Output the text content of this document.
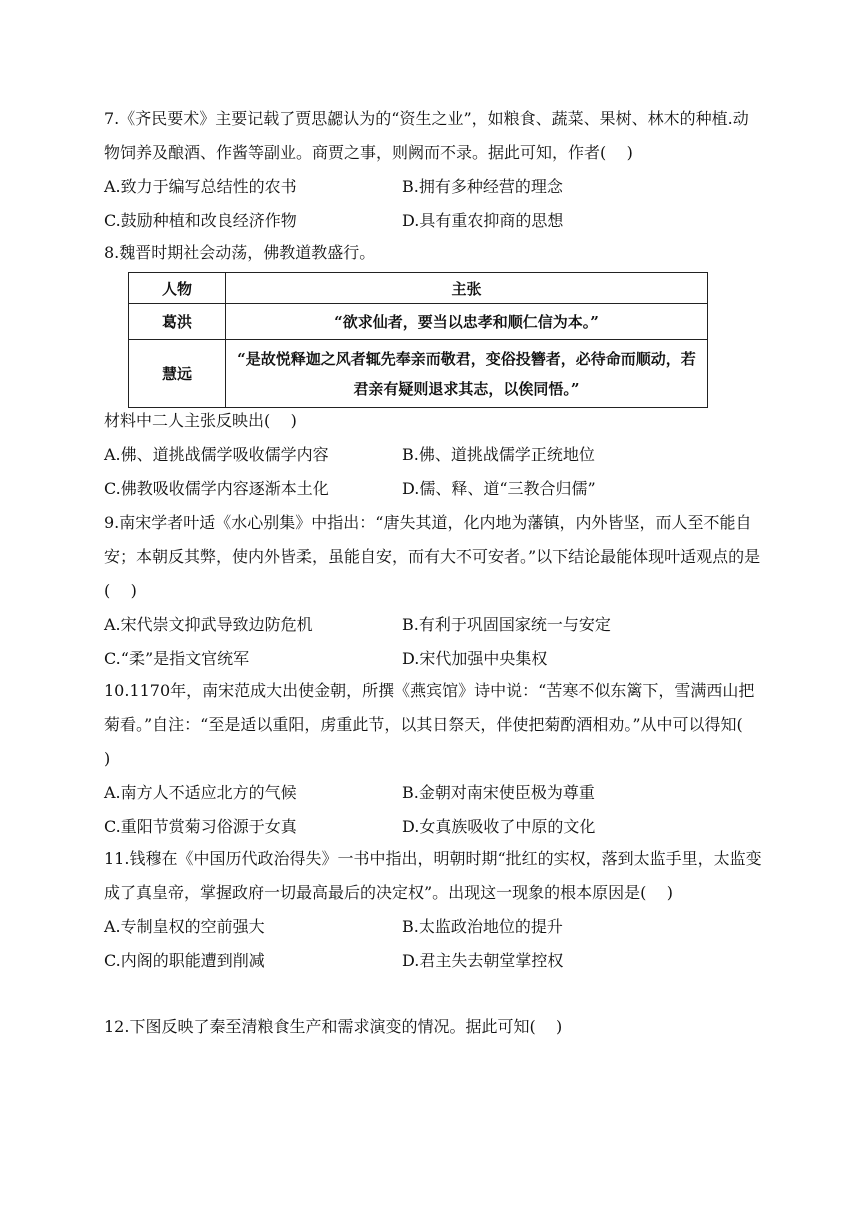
7.《齐民要术》主要记载了贾思勰认为的“资生之业”，如粮食、蔬菜、果树、林木的种植.动物饲养及酿酒、作酱等副业。商贾之事，则阙而不录。据此可知，作者(    )

A.致力于编写总结性的农书	B.拥有多种经营的理念
C.鼓励种植和改良经济作物	D.具有重农抑商的思想

8.魏晋时期社会动荡，佛教道教盛行。

人物	主张
葛洪	“欲求仙者，要当以忠孝和顺仁信为本。”
慧远	“是故悦释迦之风者辄先奉亲而敬君，变俗投簪者，必待命而顺动，若君亲有疑则退求其志，以俟同悟。”

材料中二人主张反映出(    )

A.佛、道挑战儒学吸收儒学内容	B.佛、道挑战儒学正统地位
C.佛教吸收儒学内容逐渐本土化	D.儒、释、道“三教合归儒”

9.南宋学者叶适《水心别集》中指出：“唐失其道，化内地为藩镇，内外皆坚，而人至不能自安；本朝反其弊，使内外皆柔，虽能自安，而有大不可安者。”以下结论最能体现叶适观点的是(    )

A.宋代崇文抑武导致边防危机	B.有利于巩固国家统一与安定
C.“柔”是指文官统军	D.宋代加强中央集权

10.1170年，南宋范成大出使金朝，所撰《燕宾馆》诗中说：“苦寒不似东篱下，雪满西山把菊看。”自注：“至是适以重阳，虏重此节，以其日祭天，伴使把菊酌酒相劝。”从中可以得知(    )

A.南方人不适应北方的气候	B.金朝对南宋使臣极为尊重
C.重阳节赏菊习俗源于女真	D.女真族吸收了中原的文化

11.钱穆在《中国历代政治得失》一书中指出，明朝时期“批红的实权，落到太监手里，太监变成了真皇帝，掌握政府一切最高最后的决定权”。出现这一现象的根本原因是(    )

A.专制皇权的空前强大	B.太监政治地位的提升
C.内阁的职能遭到削减	D.君主失去朝堂掌控权

12.下图反映了秦至清粮食生产和需求演变的情况。据此可知(    )
